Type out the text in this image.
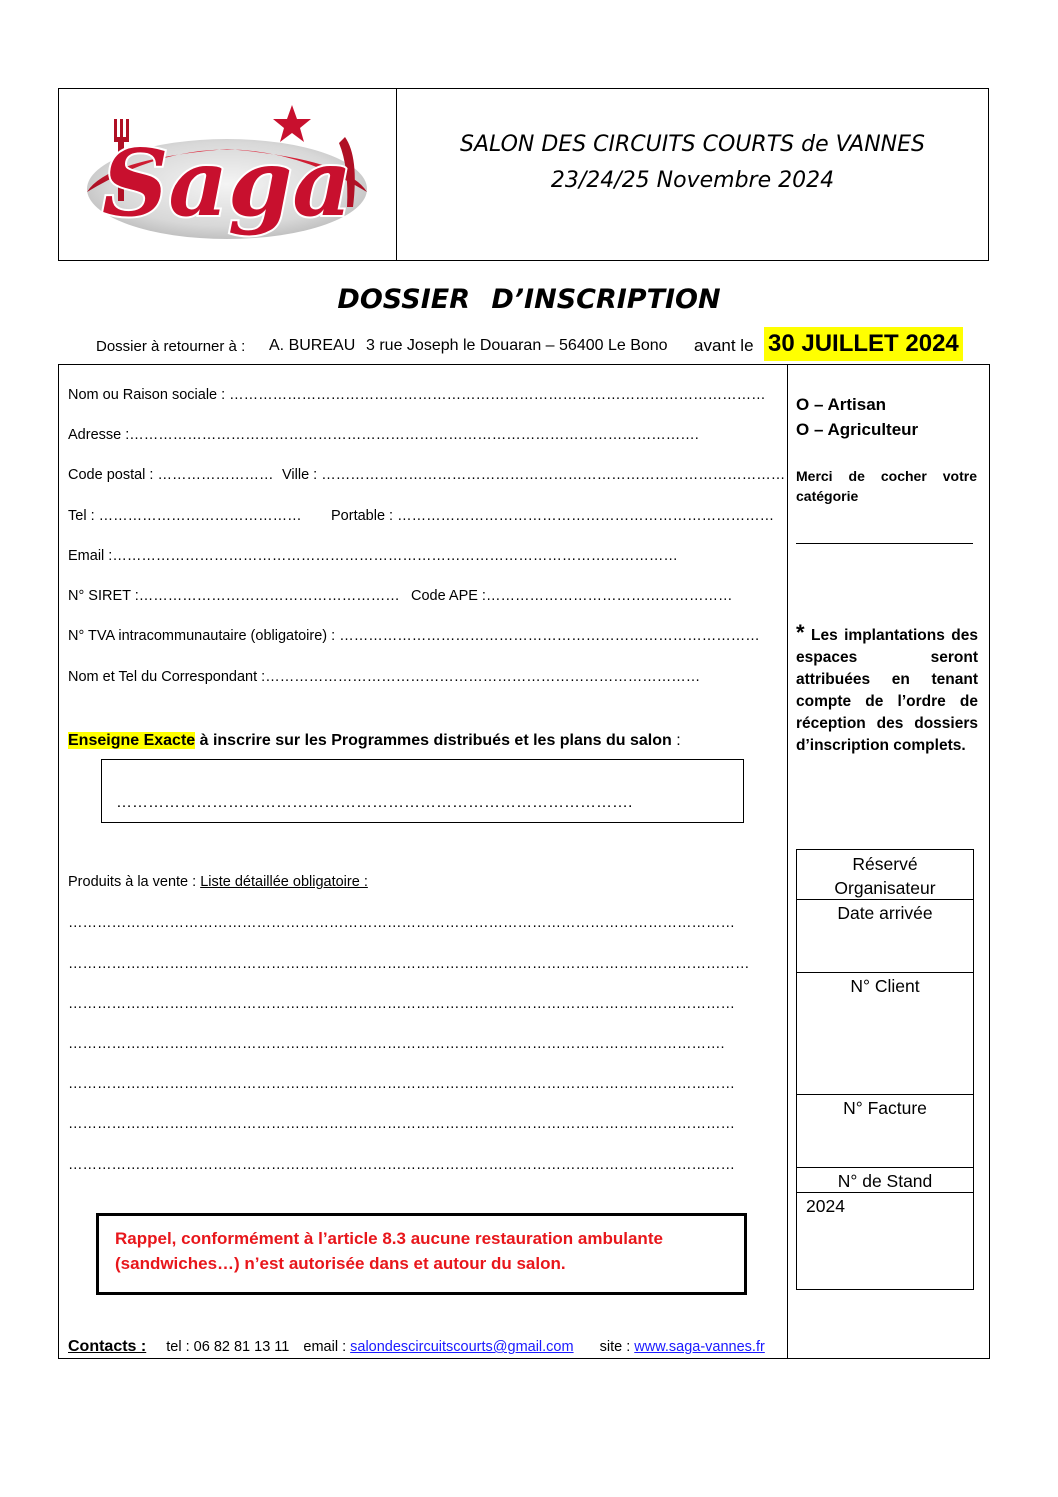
Saga	SALON DES CIRCUITS COURTS de VANNES
23/24/25 Novembre 2024
DOSSIER D’INSCRIPTION
Dossier à retourner à : A. BUREAU 3 rue Joseph le Douaran – 56400 Le Bono avant le 30 JUILLET 2024
Nom ou Raison sociale : …………………………………………………………………………………………………
Adresse :……………………………………………………………………………………………………….
Code postal : …………………… Ville : ……………………………………………………………………………………
Tel : …………………………………… Portable : ……………………………………………………………………
Email :………………………………………………………………………………………………………
N° SIRET :……………………………………………… Code APE :……………………………………………
N° TVA intracommunautaire (obligatoire) : ……………………………………………………………………………
Nom et Tel du Correspondant :………………………………………………………………………………
Enseigne Exacte à inscrire sur les Programmes distribués et les plans du salon :
…………………………………………………………………………………….
Produits à la vente : Liste détaillée obligatoire :
…………………………………………………………………………………………………………………………
……………………………………………………………………………………………………………………………
…………………………………………………………………………………………………………………………
……………………………………………………………………………………………………………………….
…………………………………………………………………………………………………………………………
…………………………………………………………………………………………………………………………
…………………………………………………………………………………………………………………………
Rappel, conformément à l’article 8.3 aucune restauration ambulante (sandwiches…) n’est autorisée dans et autour du salon.
Contacts : tel : 06 82 81 13 11 email : salondescircuitscourts@gmail.com site : www.saga-vannes.fr
O – Artisan
O – Agriculteur
Merci de cocher votre catégorie
* Les implantations des espaces seront attribuées en tenant compte de l’ordre de réception des dossiers d’inscription complets.
Réservé
Organisateur
Date arrivée
N° Client
N° Facture
N° de Stand
2024
